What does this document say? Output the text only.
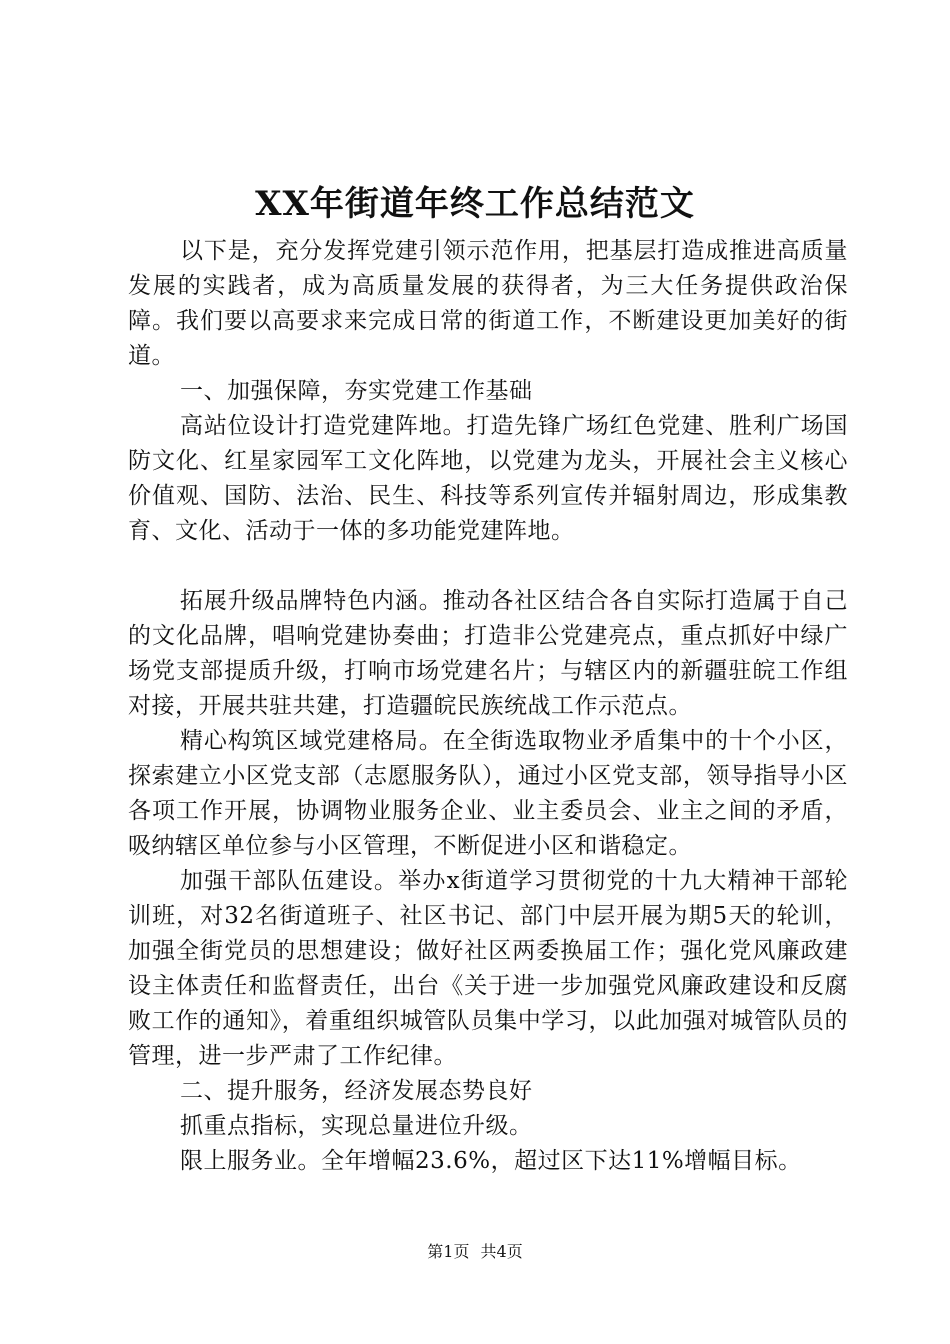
XX年街道年终工作总结范文

以下是，充分发挥党建引领示范作用，把基层打造成推进高质量发展的实践者，成为高质量发展的获得者，为三大任务提供政治保障。我们要以高要求来完成日常的街道工作，不断建设更加美好的街道。

一、加强保障，夯实党建工作基础

高站位设计打造党建阵地。打造先锋广场红色党建、胜利广场国防文化、红星家园军工文化阵地，以党建为龙头，开展社会主义核心价值观、国防、法治、民生、科技等系列宣传并辐射周边，形成集教育、文化、活动于一体的多功能党建阵地。

拓展升级品牌特色内涵。推动各社区结合各自实际打造属于自己的文化品牌，唱响党建协奏曲；打造非公党建亮点，重点抓好中绿广场党支部提质升级，打响市场党建名片；与辖区内的新疆驻皖工作组对接，开展共驻共建，打造疆皖民族统战工作示范点。

精心构筑区域党建格局。在全街选取物业矛盾集中的十个小区，探索建立小区党支部（志愿服务队），通过小区党支部，领导指导小区各项工作开展，协调物业服务企业、业主委员会、业主之间的矛盾，吸纳辖区单位参与小区管理，不断促进小区和谐稳定。

加强干部队伍建设。举办x街道学习贯彻党的十九大精神干部轮训班，对32名街道班子、社区书记、部门中层开展为期5天的轮训，加强全街党员的思想建设；做好社区两委换届工作；强化党风廉政建设主体责任和监督责任，出台《关于进一步加强党风廉政建设和反腐败工作的通知》，着重组织城管队员集中学习，以此加强对城管队员的管理，进一步严肃了工作纪律。

二、提升服务，经济发展态势良好

抓重点指标，实现总量进位升级。

限上服务业。全年增幅23.6%，超过区下达11%增幅目标。

第1页 共4页
